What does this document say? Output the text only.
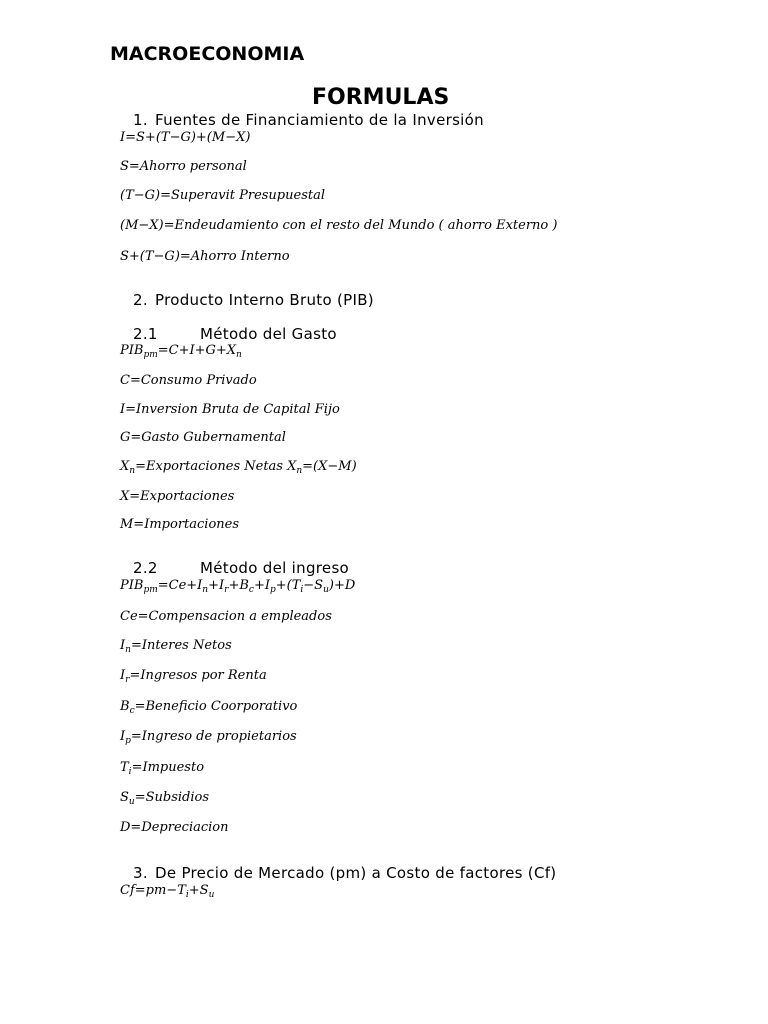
MACROECONOMIA
FORMULAS
1. Fuentes de Financiamiento de la Inversión
I=S+(T−G)+(M−X)
S=Ahorro personal
(T−G)=Superavit Presupuestal
(M−X)=Endeudamiento con el resto del Mundo ( ahorro Externo )
S+(T−G)=Ahorro Interno
2. Producto Interno Bruto (PIB)
2.1	Método del Gasto
$PIB_{pm}=C+I+G+X_n$
C=Consumo Privado
I=Inversion Bruta de Capital Fijo
G=Gasto Gubernamental
$X_n=Exportaciones$ Netas $X_n=(X-M)$
X=Exportaciones
M=Importaciones
2.2	Método del ingreso
$PIB_{pm}=Ce+I_n+I_r+B_c+I_p+(T_i-S_u)+D$
Ce=Compensacion a empleados
$I_n=Interes$ Netos
$I_r=Ingresos$ por Renta
$B_c=Beneficio$ Coorporativo
$I_p=Ingreso$ de propietarios
$T_i=Impuesto$
$S_u=Subsidios$
D=Depreciacion
3. De Precio de Mercado (pm) a Costo de factores (Cf)
$Cf=pm-T_i+S_u$
